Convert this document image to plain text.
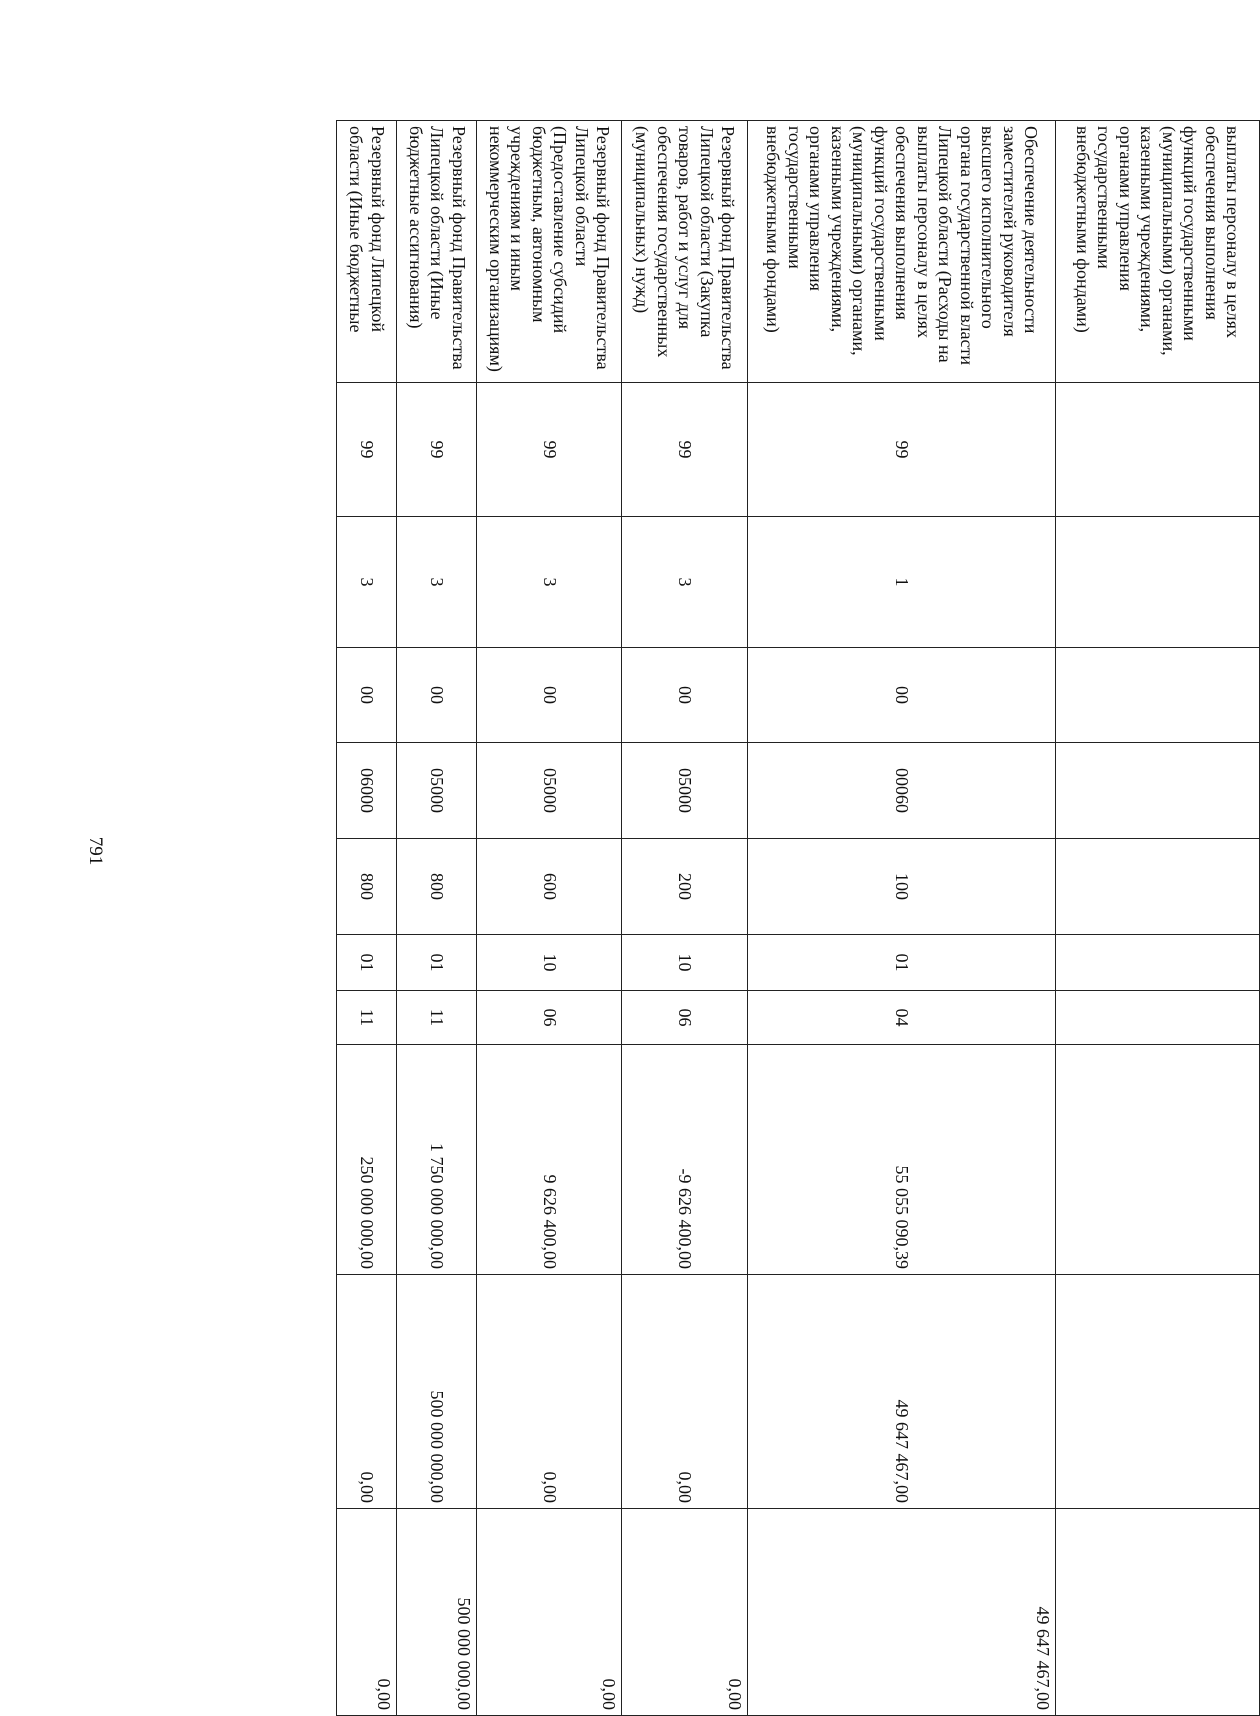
791
выплаты персоналу в целях обеспечения выполнения функций государственными (муниципальными) органами, казенными учреждениями, органами управления государственными внебюджетными фондами)										
Обеспечение деятельности заместителей руководителя высшего исполнительного органа государственной власти Липецкой области (Расходы на выплаты персоналу в целях обеспечения выполнения функций государственными (муниципальными) органами, казенными учреждениями, органами управления государственными внебюджетными фондами)	99	1	00	00060	100	01	04	55 055 090,39	49 647 467,00	49 647 467,00
Резервный фонд Правительства Липецкой области (Закупка товаров, работ и услуг для обеспечения государственных (муниципальных) нужд)	99	3	00	05000	200	10	06	-9 626 400,00	0,00	0,00
Резервный фонд Правительства Липецкой области (Предоставление субсидий бюджетным, автономным учреждениям и иным некоммерческим организациям)	99	3	00	05000	600	10	06	9 626 400,00	0,00	0,00
Резервный фонд Правительства Липецкой области (Иные бюджетные ассигнования)	99	3	00	05000	800	01	11	1 750 000 000,00	500 000 000,00	500 000 000,00
Резервный фонд Липецкой области (Иные бюджетные	99	3	00	06000	800	01	11	250 000 000,00	0,00	0,00
